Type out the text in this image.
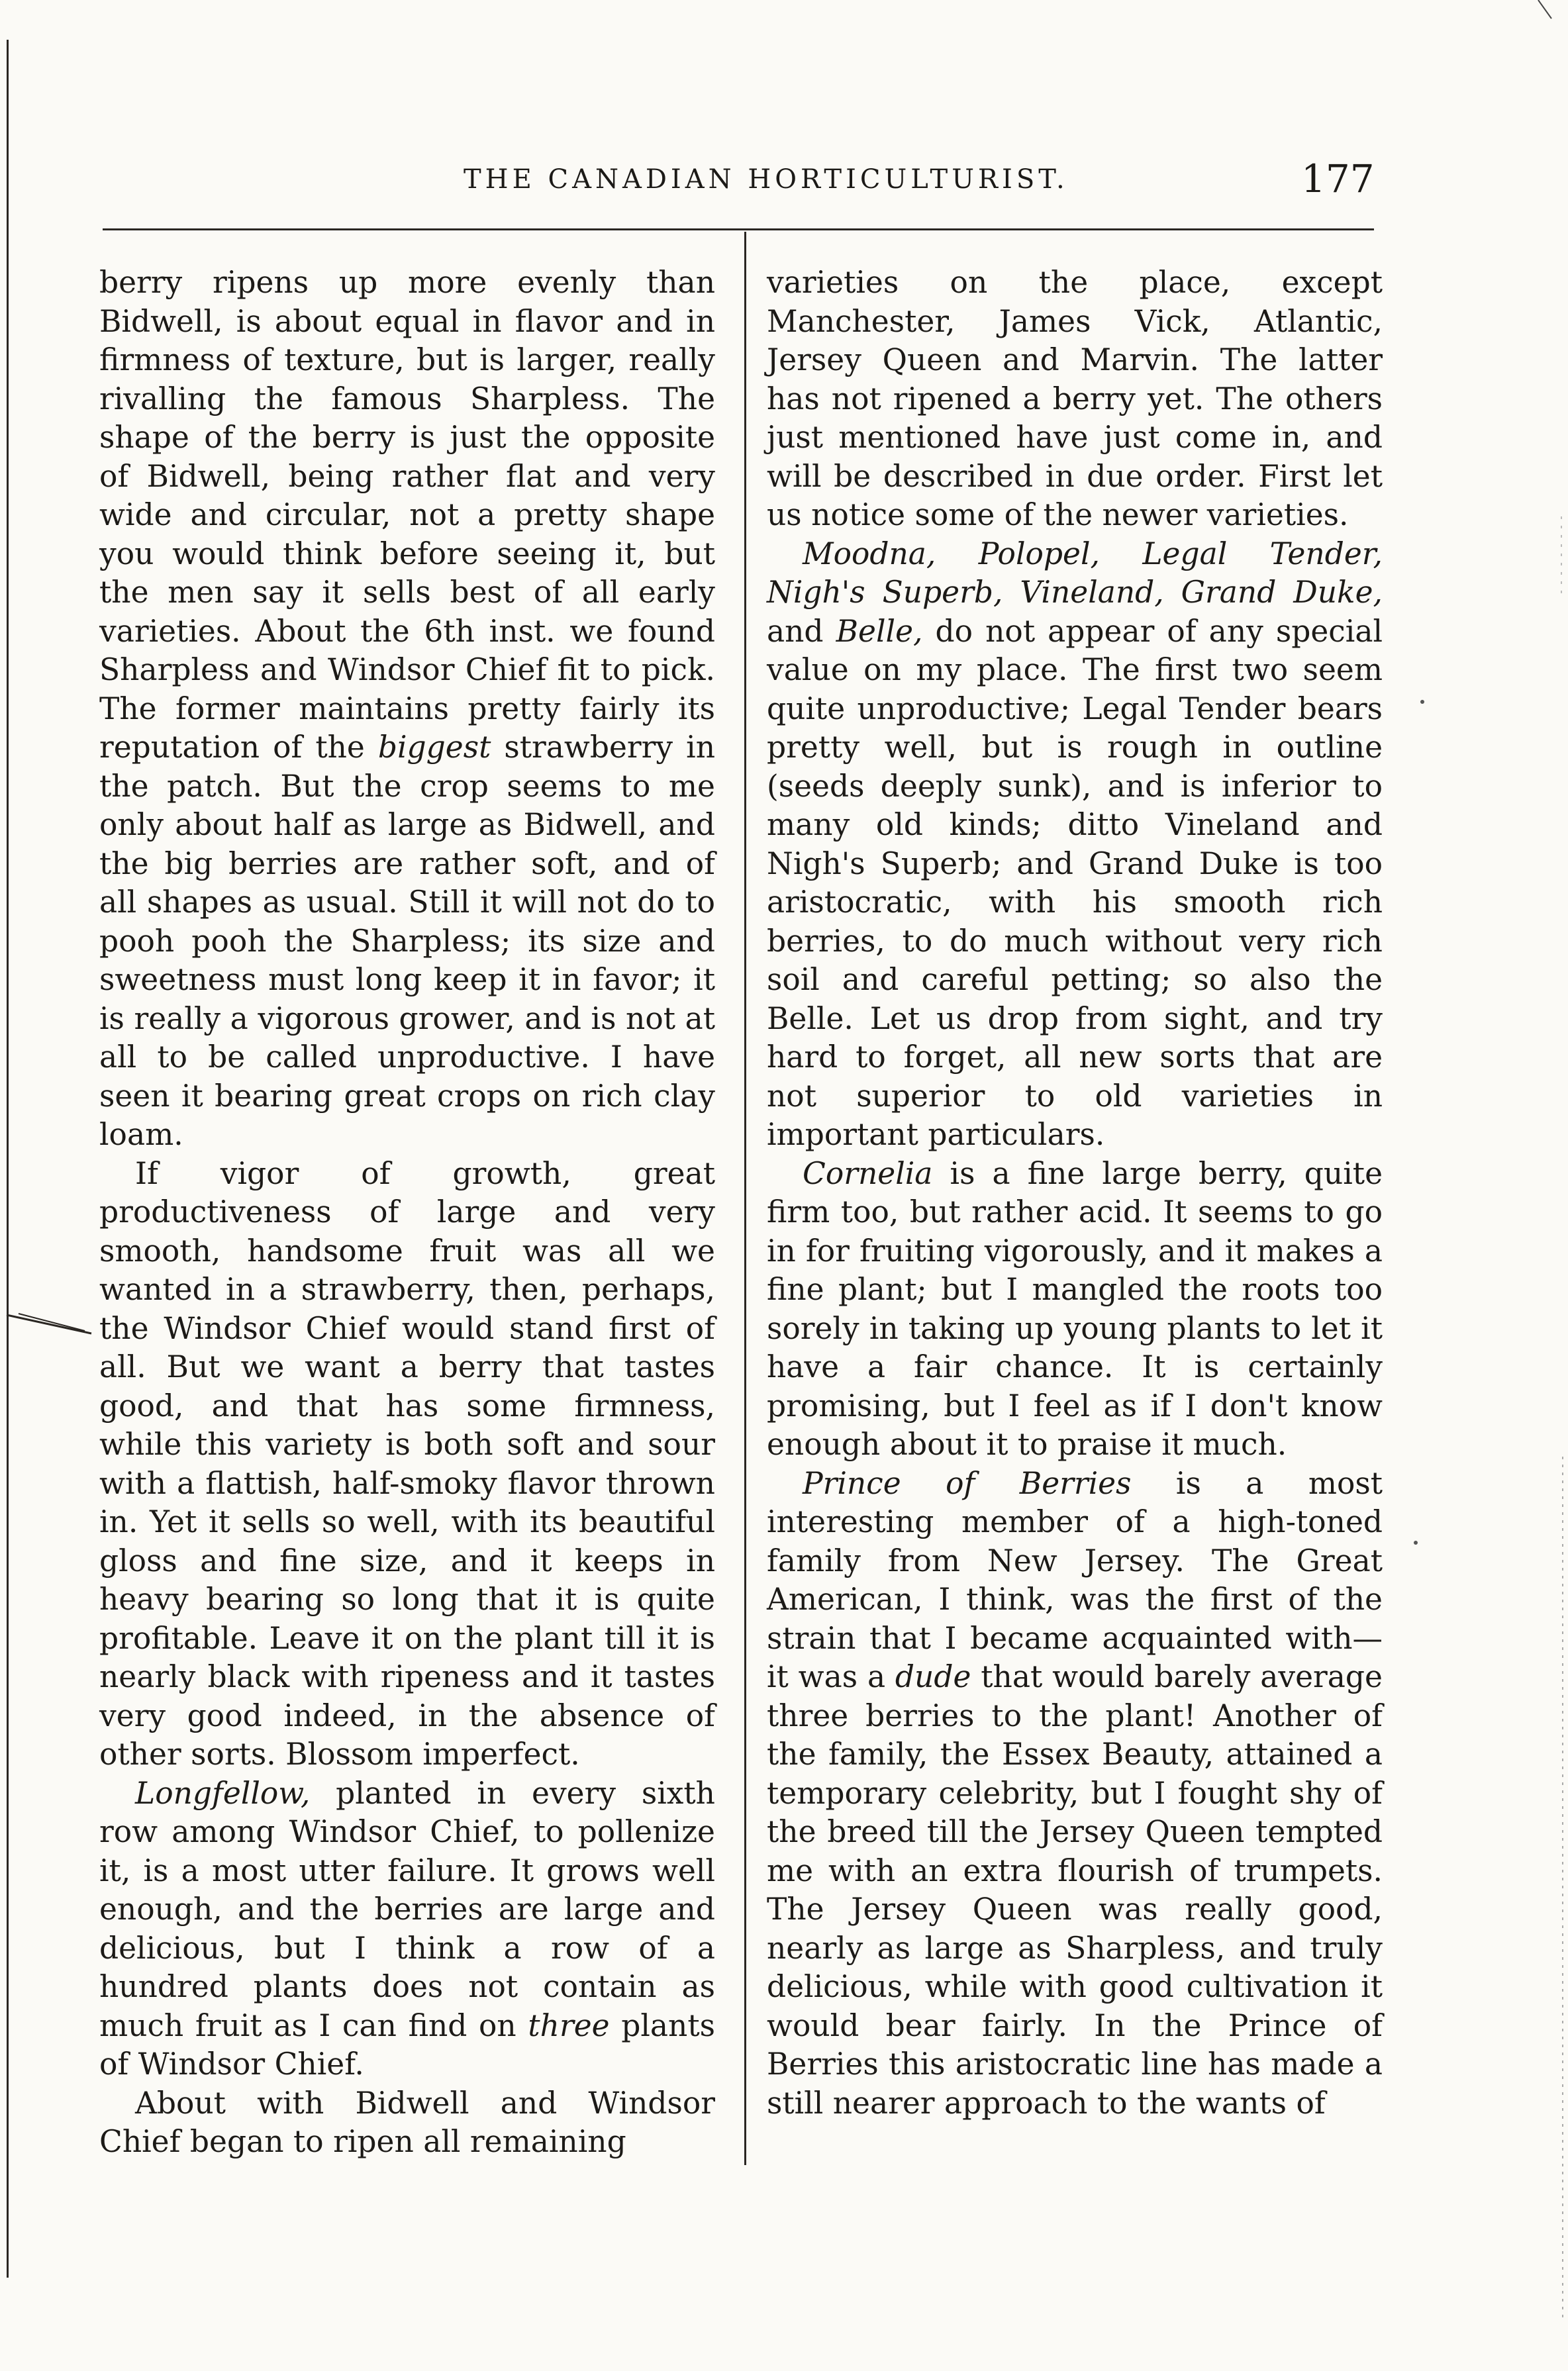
THE CANADIAN HORTICULTURIST.	177

berry ripens up more evenly than Bidwell, is about equal in flavor and in firmness of texture, but is larger, really rivalling the famous Sharpless. The shape of the berry is just the opposite of Bidwell, being rather flat and very wide and circular, not a pretty shape you would think before seeing it, but the men say it sells best of all early varieties. About the 6th inst. we found Sharpless and Windsor Chief fit to pick. The former maintains pretty fairly its reputation of the biggest strawberry in the patch. But the crop seems to me only about half as large as Bidwell, and the big berries are rather soft, and of all shapes as usual. Still it will not do to pooh pooh the Sharpless; its size and sweetness must long keep it in favor; it is really a vigorous grower, and is not at all to be called unproductive. I have seen it bearing great crops on rich clay loam.

If vigor of growth, great productiveness of large and very smooth, handsome fruit was all we wanted in a strawberry, then, perhaps, the Windsor Chief would stand first of all. But we want a berry that tastes good, and that has some firmness, while this variety is both soft and sour with a flattish, half-smoky flavor thrown in. Yet it sells so well, with its beautiful gloss and fine size, and it keeps in heavy bearing so long that it is quite profitable. Leave it on the plant till it is nearly black with ripeness and it tastes very good indeed, in the absence of other sorts. Blossom imperfect.

Longfellow, planted in every sixth row among Windsor Chief, to pollenize it, is a most utter failure. It grows well enough, and the berries are large and delicious, but I think a row of a hundred plants does not contain as much fruit as I can find on three plants of Windsor Chief.

About with Bidwell and Windsor Chief began to ripen all remaining

varieties on the place, except Manchester, James Vick, Atlantic, Jersey Queen and Marvin. The latter has not ripened a berry yet. The others just mentioned have just come in, and will be described in due order. First let us notice some of the newer varieties.

Moodna, Polopel, Legal Tender, Nigh's Superb, Vineland, Grand Duke, and Belle, do not appear of any special value on my place. The first two seem quite unproductive; Legal Tender bears pretty well, but is rough in outline (seeds deeply sunk), and is inferior to many old kinds; ditto Vineland and Nigh's Superb; and Grand Duke is too aristocratic, with his smooth rich berries, to do much without very rich soil and careful petting; so also the Belle. Let us drop from sight, and try hard to forget, all new sorts that are not superior to old varieties in important particulars.

Cornelia is a fine large berry, quite firm too, but rather acid. It seems to go in for fruiting vigorously, and it makes a fine plant; but I mangled the roots too sorely in taking up young plants to let it have a fair chance. It is certainly promising, but I feel as if I don't know enough about it to praise it much.

Prince of Berries is a most interesting member of a high-toned family from New Jersey. The Great American, I think, was the first of the strain that I became acquainted with—it was a dude that would barely average three berries to the plant! Another of the family, the Essex Beauty, attained a temporary celebrity, but I fought shy of the breed till the Jersey Queen tempted me with an extra flourish of trumpets. The Jersey Queen was really good, nearly as large as Sharpless, and truly delicious, while with good cultivation it would bear fairly. In the Prince of Berries this aristocratic line has made a still nearer approach to the wants of
